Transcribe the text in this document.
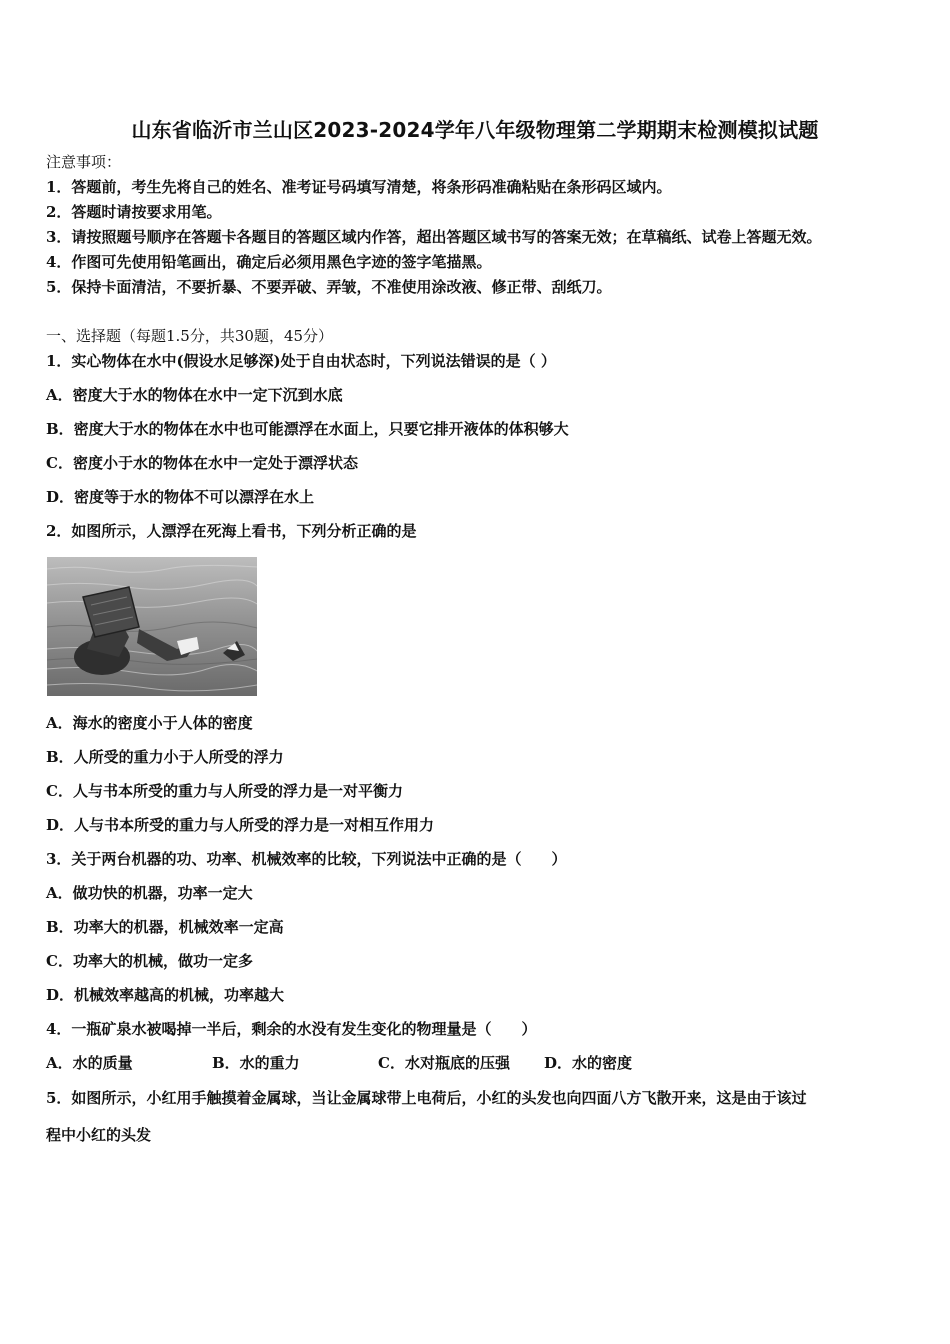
山东省临沂市兰山区2023-2024学年八年级物理第二学期期末检测模拟试题
注意事项：
1．答题前，考生先将自己的姓名、准考证号码填写清楚，将条形码准确粘贴在条形码区域内。
2．答题时请按要求用笔。
3．请按照题号顺序在答题卡各题目的答题区域内作答，超出答题区域书写的答案无效；在草稿纸、试卷上答题无效。
4．作图可先使用铅笔画出，确定后必须用黑色字迹的签字笔描黑。
5．保持卡面清洁，不要折暴、不要弄破、弄皱，不准使用涂改液、修正带、刮纸刀。
一、选择题（每题1.5分，共30题，45分）
1．实心物体在水中(假设水足够深)处于自由状态时，下列说法错误的是（ ）
A．密度大于水的物体在水中一定下沉到水底
B．密度大于水的物体在水中也可能漂浮在水面上，只要它排开液体的体积够大
C．密度小于水的物体在水中一定处于漂浮状态
D．密度等于水的物体不可以漂浮在水上
2．如图所示，人漂浮在死海上看书，下列分析正确的是
A．海水的密度小于人体的密度
B．人所受的重力小于人所受的浮力
C．人与书本所受的重力与人所受的浮力是一对平衡力
D．人与书本所受的重力与人所受的浮力是一对相互作用力
3．关于两台机器的功、功率、机械效率的比较，下列说法中正确的是（　　）
A．做功快的机器，功率一定大
B．功率大的机器，机械效率一定高
C．功率大的机械，做功一定多
D．机械效率越高的机械，功率越大
4．一瓶矿泉水被喝掉一半后，剩余的水没有发生变化的物理量是（　　）
A．水的质量	B．水的重力	C．水对瓶底的压强 D．水的密度
5．如图所示，小红用手触摸着金属球，当让金属球带上电荷后，小红的头发也向四面八方飞散开来，这是由于该过
程中小红的头发
